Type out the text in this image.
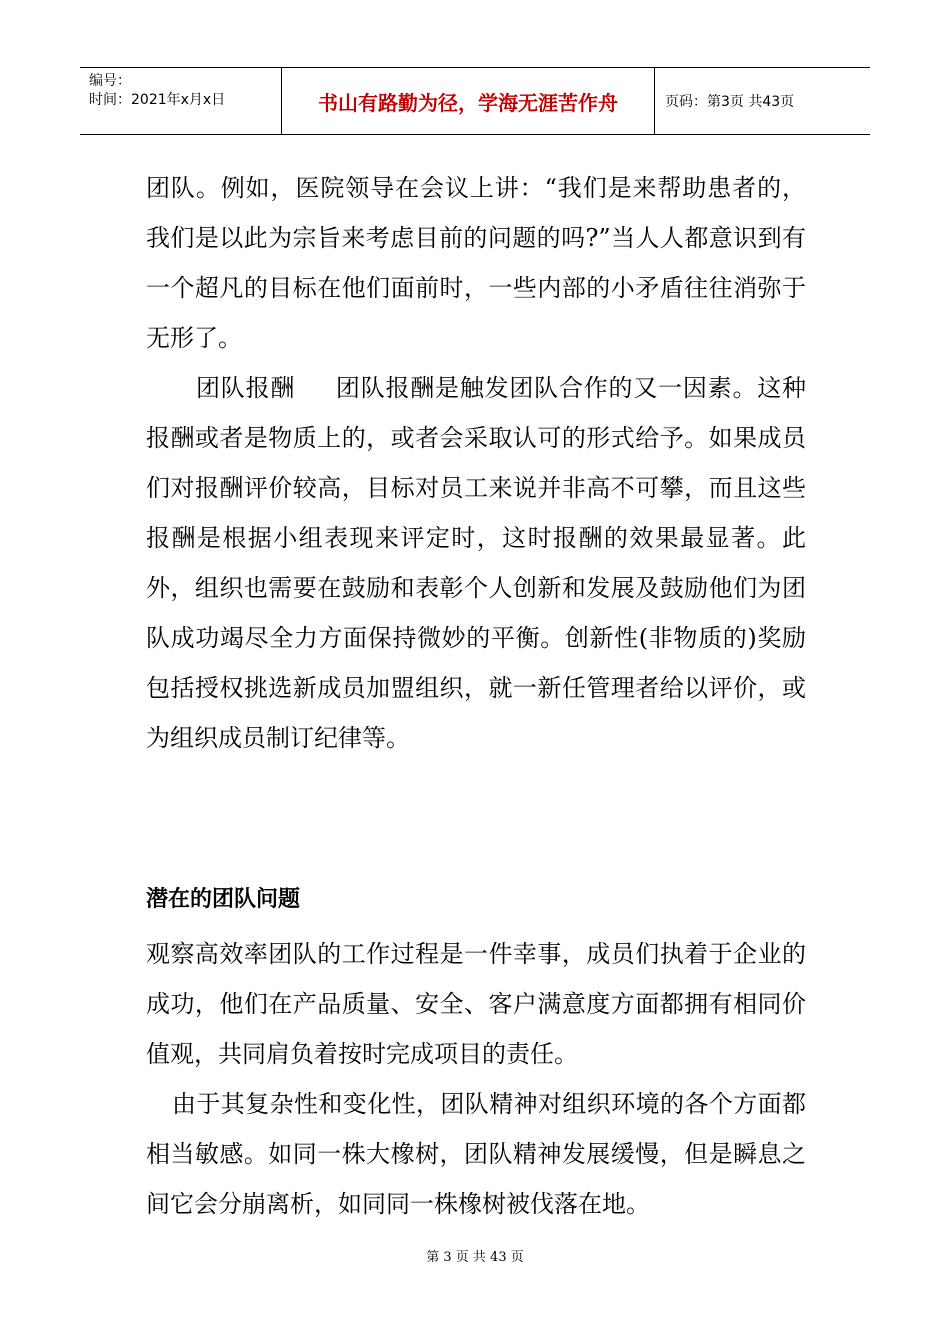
编号：
时间：2021年x月x日	书山有路勤为径，学海无涯苦作舟	页码：第3页 共43页

团队。例如，医院领导在会议上讲：“我们是来帮助患者的，我们是以此为宗旨来考虑目前的问题的吗?”当人人都意识到有一个超凡的目标在他们面前时，一些内部的小矛盾往往消弥于无形了。

团队报酬 团队报酬是触发团队合作的又一因素。这种报酬或者是物质上的，或者会采取认可的形式给予。如果成员们对报酬评价较高，目标对员工来说并非高不可攀，而且这些报酬是根据小组表现来评定时，这时报酬的效果最显著。此外，组织也需要在鼓励和表彰个人创新和发展及鼓励他们为团队成功竭尽全力方面保持微妙的平衡。创新性(非物质的)奖励包括授权挑选新成员加盟组织，就一新任管理者给以评价，或为组织成员制订纪律等。

潜在的团队问题

观察高效率团队的工作过程是一件幸事，成员们执着于企业的成功，他们在产品质量、安全、客户满意度方面都拥有相同价值观，共同肩负着按时完成项目的责任。

由于其复杂性和变化性，团队精神对组织环境的各个方面都相当敏感。如同一株大橡树，团队精神发展缓慢，但是瞬息之间它会分崩离析，如同同一株橡树被伐落在地。

第 3 页 共 43 页
